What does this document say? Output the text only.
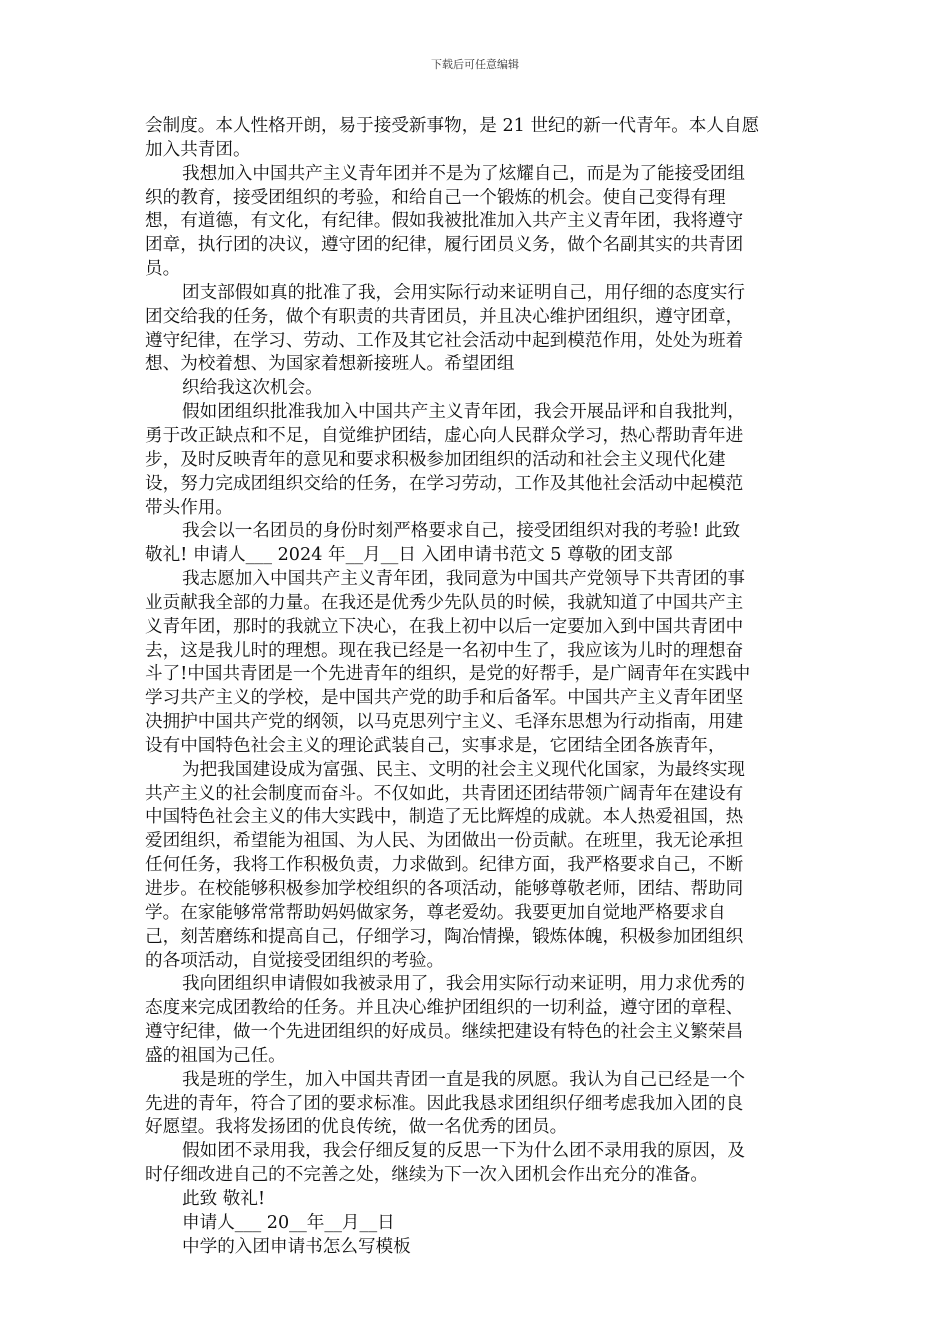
下载后可任意编辑
会制度。本人性格开朗，易于接受新事物，是 21 世纪的新一代青年。本人自愿
加入共青团。
我想加入中国共产主义青年团并不是为了炫耀自己，而是为了能接受团组
织的教育，接受团组织的考验，和给自己一个锻炼的机会。使自己变得有理
想，有道德，有文化，有纪律。假如我被批准加入共产主义青年团，我将遵守
团章，执行团的决议，遵守团的纪律，履行团员义务，做个名副其实的共青团
员。
团支部假如真的批准了我，会用实际行动来证明自己，用仔细的态度实行
团交给我的任务，做个有职责的共青团员，并且决心维护团组织，遵守团章，
遵守纪律，在学习、劳动、工作及其它社会活动中起到模范作用，处处为班着
想、为校着想、为国家着想新接班人。希望团组
织给我这次机会。
假如团组织批准我加入中国共产主义青年团，我会开展品评和自我批判，
勇于改正缺点和不足，自觉维护团结，虚心向人民群众学习，热心帮助青年进
步，及时反映青年的意见和要求积极参加团组织的活动和社会主义现代化建
设，努力完成团组织交给的任务，在学习劳动，工作及其他社会活动中起模范
带头作用。
我会以一名团员的身份时刻严格要求自己，接受团组织对我的考验! 此致
敬礼! 申请人___ 2024 年__月__日 入团申请书范文 5 尊敬的团支部
我志愿加入中国共产主义青年团，我同意为中国共产党领导下共青团的事
业贡献我全部的力量。在我还是优秀少先队员的时候，我就知道了中国共产主
义青年团，那时的我就立下决心，在我上初中以后一定要加入到中国共青团中
去，这是我儿时的理想。现在我已经是一名初中生了，我应该为儿时的理想奋
斗了!中国共青团是一个先进青年的组织，是党的好帮手，是广阔青年在实践中
学习共产主义的学校，是中国共产党的助手和后备军。中国共产主义青年团坚
决拥护中国共产党的纲领，以马克思列宁主义、毛泽东思想为行动指南，用建
设有中国特色社会主义的理论武装自己，实事求是，它团结全团各族青年，
为把我国建设成为富强、民主、文明的社会主义现代化国家，为最终实现
共产主义的社会制度而奋斗。不仅如此，共青团还团结带领广阔青年在建设有
中国特色社会主义的伟大实践中，制造了无比辉煌的成就。本人热爱祖国，热
爱团组织，希望能为祖国、为人民、为团做出一份贡献。在班里，我无论承担
任何任务，我将工作积极负责，力求做到。纪律方面，我严格要求自己，不断
进步。在校能够积极参加学校组织的各项活动，能够尊敬老师，团结、帮助同
学。在家能够常常帮助妈妈做家务，尊老爱幼。我要更加自觉地严格要求自
己，刻苦磨练和提高自己，仔细学习，陶冶情操，锻炼体魄，积极参加团组织
的各项活动，自觉接受团组织的考验。
我向团组织申请假如我被录用了，我会用实际行动来证明，用力求优秀的
态度来完成团教给的任务。并且决心维护团组织的一切利益，遵守团的章程、
遵守纪律，做一个先进团组织的好成员。继续把建设有特色的社会主义繁荣昌
盛的祖国为己任。
我是班的学生，加入中国共青团一直是我的夙愿。我认为自己已经是一个
先进的青年，符合了团的要求标准。因此我恳求团组织仔细考虑我加入团的良
好愿望。我将发扬团的优良传统，做一名优秀的团员。
假如团不录用我，我会仔细反复的反思一下为什么团不录用我的原因，及
时仔细改进自己的不完善之处，继续为下一次入团机会作出充分的准备。
此致 敬礼!
申请人___ 20__年__月__日
中学的入团申请书怎么写模板
